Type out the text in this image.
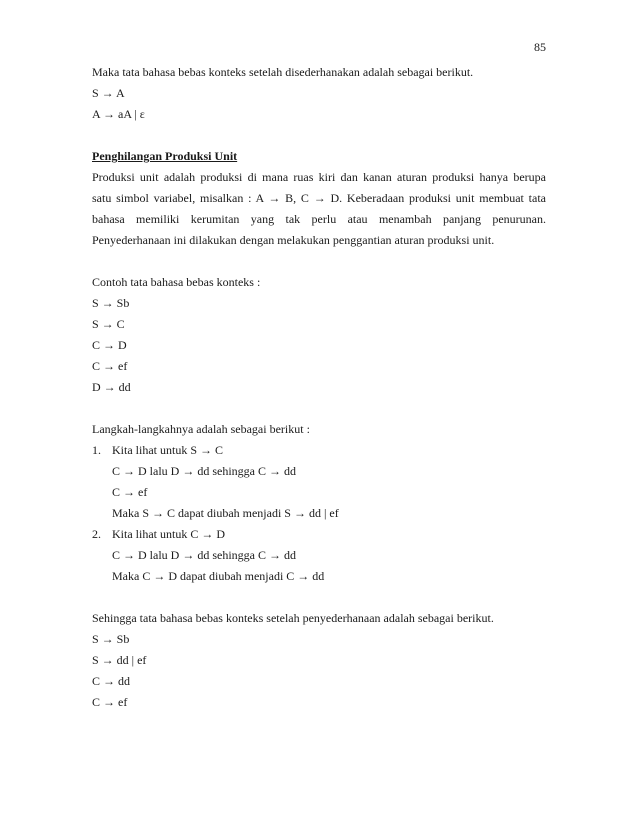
85
Maka tata bahasa bebas konteks setelah disederhanakan adalah sebagai berikut.
S → A
A → aA | ε
Penghilangan Produksi Unit
Produksi unit adalah produksi di mana ruas kiri dan kanan aturan produksi hanya berupa
satu simbol variabel, misalkan : A → B, C → D. Keberadaan produksi unit membuat tata
bahasa memiliki kerumitan yang tak perlu atau menambah panjang penurunan.
Penyederhanaan ini dilakukan dengan melakukan penggantian aturan produksi unit.
Contoh tata bahasa bebas konteks :
S → Sb
S → C
C → D
C → ef
D → dd
Langkah-langkahnya adalah sebagai berikut :
1. Kita lihat untuk S → C
C → D lalu D → dd sehingga C → dd
C → ef
Maka S → C dapat diubah menjadi S → dd | ef
2. Kita lihat untuk C → D
C → D lalu D → dd sehingga C → dd
Maka C → D dapat diubah menjadi C → dd
Sehingga tata bahasa bebas konteks setelah penyederhanaan adalah sebagai berikut.
S → Sb
S → dd | ef
C → dd
C → ef
